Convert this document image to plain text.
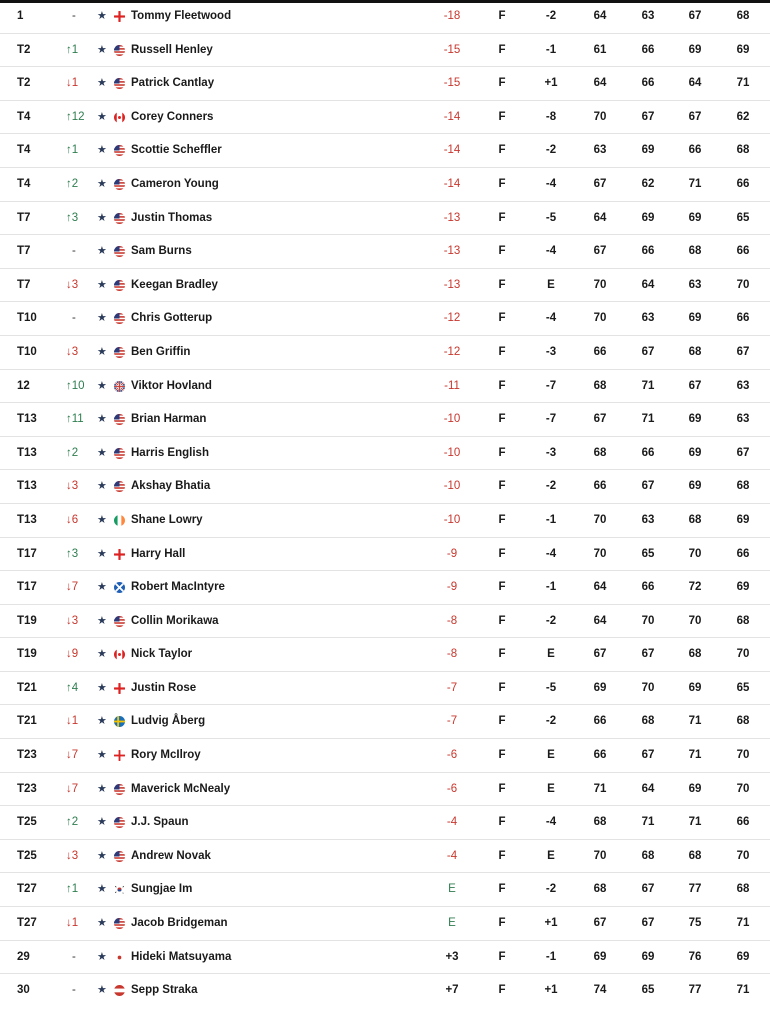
1	-	★ Tommy Fleetwood	-18	F	-2	64	63	67	68
T2	↑1	★ Russell Henley	-15	F	-1	61	66	69	69
T2	↓1	★ Patrick Cantlay	-15	F	+1	64	66	64	71
T4	↑12	★ Corey Conners	-14	F	-8	70	67	67	62
T4	↑1	★ Scottie Scheffler	-14	F	-2	63	69	66	68
T4	↑2	★ Cameron Young	-14	F	-4	67	62	71	66
T7	↑3	★ Justin Thomas	-13	F	-5	64	69	69	65
T7	-	★ Sam Burns	-13	F	-4	67	66	68	66
T7	↓3	★ Keegan Bradley	-13	F	E	70	64	63	70
T10	-	★ Chris Gotterup	-12	F	-4	70	63	69	66
T10	↓3	★ Ben Griffin	-12	F	-3	66	67	68	67
12	↑10	★ Viktor Hovland	-11	F	-7	68	71	67	63
T13	↑11	★ Brian Harman	-10	F	-7	67	71	69	63
T13	↑2	★ Harris English	-10	F	-3	68	66	69	67
T13	↓3	★ Akshay Bhatia	-10	F	-2	66	67	69	68
T13	↓6	★ Shane Lowry	-10	F	-1	70	63	68	69
T17	↑3	★ Harry Hall	-9	F	-4	70	65	70	66
T17	↓7	★ Robert MacIntyre	-9	F	-1	64	66	72	69
T19	↓3	★ Collin Morikawa	-8	F	-2	64	70	70	68
T19	↓9	★ Nick Taylor	-8	F	E	67	67	68	70
T21	↑4	★ Justin Rose	-7	F	-5	69	70	69	65
T21	↓1	★ Ludvig Åberg	-7	F	-2	66	68	71	68
T23	↓7	★ Rory McIlroy	-6	F	E	66	67	71	70
T23	↓7	★ Maverick McNealy	-6	F	E	71	64	69	70
T25	↑2	★ J.J. Spaun	-4	F	-4	68	71	71	66
T25	↓3	★ Andrew Novak	-4	F	E	70	68	68	70
T27	↑1	★ Sungjae Im	E	F	-2	68	67	77	68
T27	↓1	★ Jacob Bridgeman	E	F	+1	67	67	75	71
29	-	★ Hideki Matsuyama	+3	F	-1	69	69	76	69
30	-	★ Sepp Straka	+7	F	+1	74	65	77	71
